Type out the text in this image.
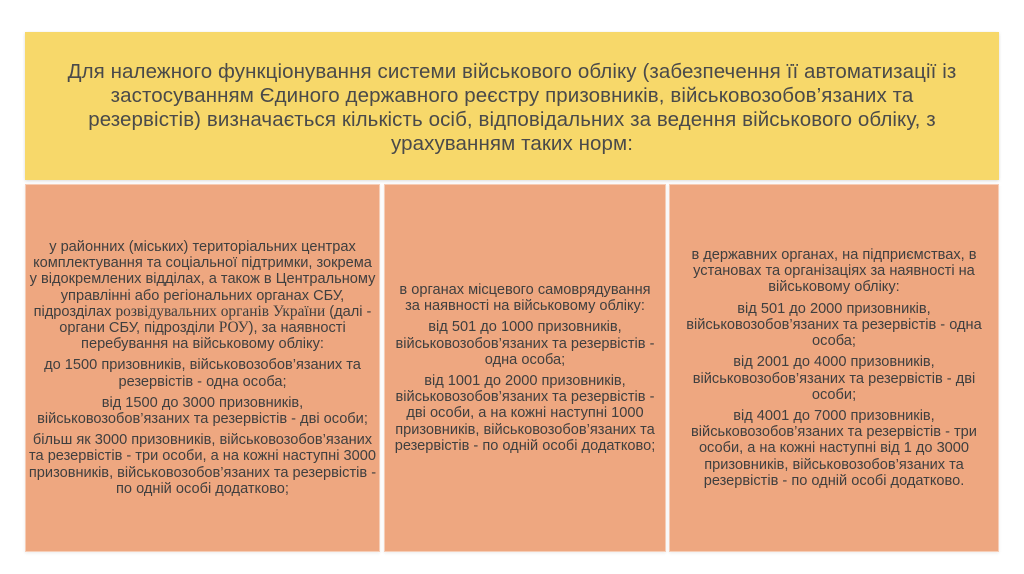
Для належного функціонування системи військового обліку (забезпечення її автоматизації із застосуванням Єдиного державного реєстру призовників, військовозобов’язаних та резервістів) визначається кількість осіб, відповідальних за ведення військового обліку, з урахуванням таких норм:

у районних (міських) територіальних центрах комплектування та соціальної підтримки, зокрема у відокремлених відділах, а також в Центральному управлінні або регіональних органах СБУ, підрозділах розвідувальних органів України (далі - органи СБУ, підрозділи РОУ), за наявності перебування на військовому обліку:

до 1500 призовників, військовозобов’язаних та резервістів - одна особа;

від 1500 до 3000 призовників, військовозобов’язаних та резервістів - дві особи;

більш як 3000 призовників, військовозобов’язаних та резервістів - три особи, а на кожні наступні 3000 призовників, військовозобов’язаних та резервістів - по одній особі додатково;

в органах місцевого самоврядування за наявності на військовому обліку:

від 501 до 1000 призовників, військовозобов’язаних та резервістів - одна особа;

від 1001 до 2000 призовників, військовозобов’язаних та резервістів - дві особи, а на кожні наступні 1000 призовників, військовозобов’язаних та резервістів - по одній особі додатково;

в державних органах, на підприємствах, в установах та організаціях за наявності на військовому обліку:

від 501 до 2000 призовників, військовозобов’язаних та резервістів - одна особа;

від 2001 до 4000 призовників, військовозобов’язаних та резервістів - дві особи;

від 4001 до 7000 призовників, військовозобов’язаних та резервістів - три особи, а на кожні наступні від 1 до 3000 призовників, військовозобов’язаних та резервістів - по одній особі додатково.
